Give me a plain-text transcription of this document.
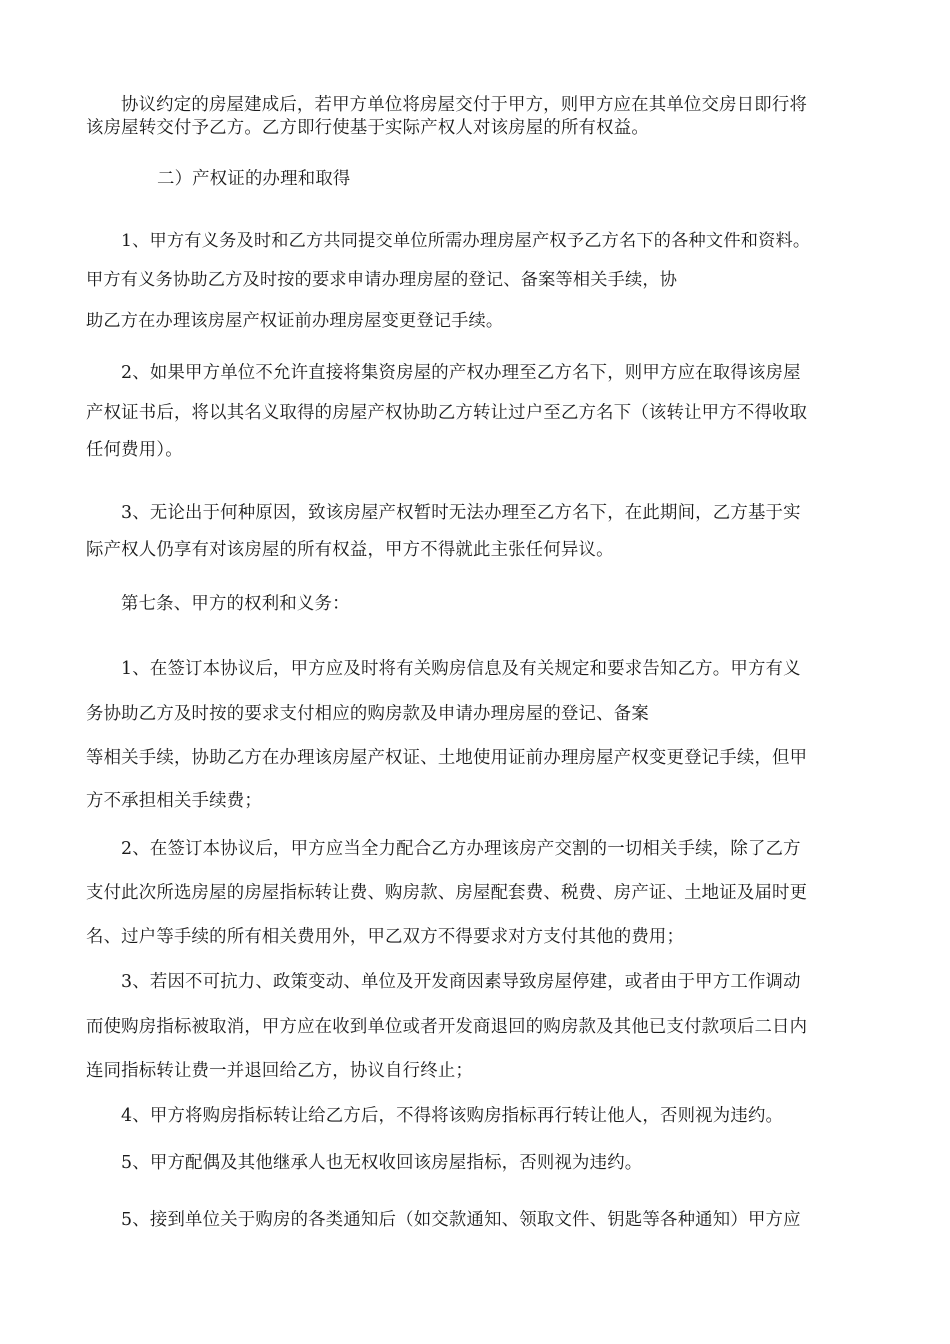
协议约定的房屋建成后，若甲方单位将房屋交付于甲方，则甲方应在其单位交房日即行将
该房屋转交付予乙方。乙方即行使基于实际产权人对该房屋的所有权益。
二）产权证的办理和取得
1、甲方有义务及时和乙方共同提交单位所需办理房屋产权予乙方名下的各种文件和资料。
甲方有义务协助乙方及时按的要求申请办理房屋的登记、备案等相关手续，协
助乙方在办理该房屋产权证前办理房屋变更登记手续。
2、如果甲方单位不允许直接将集资房屋的产权办理至乙方名下，则甲方应在取得该房屋
产权证书后，将以其名义取得的房屋产权协助乙方转让过户至乙方名下（该转让甲方不得收取
任何费用）。
3、无论出于何种原因，致该房屋产权暂时无法办理至乙方名下，在此期间，乙方基于实
际产权人仍享有对该房屋的所有权益，甲方不得就此主张任何异议。
第七条、甲方的权利和义务：
1、在签订本协议后，甲方应及时将有关购房信息及有关规定和要求告知乙方。甲方有义
务协助乙方及时按的要求支付相应的购房款及申请办理房屋的登记、备案
等相关手续，协助乙方在办理该房屋产权证、土地使用证前办理房屋产权变更登记手续，但甲
方不承担相关手续费；
2、在签订本协议后，甲方应当全力配合乙方办理该房产交割的一切相关手续，除了乙方
支付此次所选房屋的房屋指标转让费、购房款、房屋配套费、税费、房产证、土地证及届时更
名、过户等手续的所有相关费用外，甲乙双方不得要求对方支付其他的费用；
3、若因不可抗力、政策变动、单位及开发商因素导致房屋停建，或者由于甲方工作调动
而使购房指标被取消，甲方应在收到单位或者开发商退回的购房款及其他已支付款项后二日内
连同指标转让费一并退回给乙方，协议自行终止；
4、甲方将购房指标转让给乙方后，不得将该购房指标再行转让他人，否则视为违约。
5、甲方配偶及其他继承人也无权收回该房屋指标，否则视为违约。
5、接到单位关于购房的各类通知后（如交款通知、领取文件、钥匙等各种通知）甲方应
